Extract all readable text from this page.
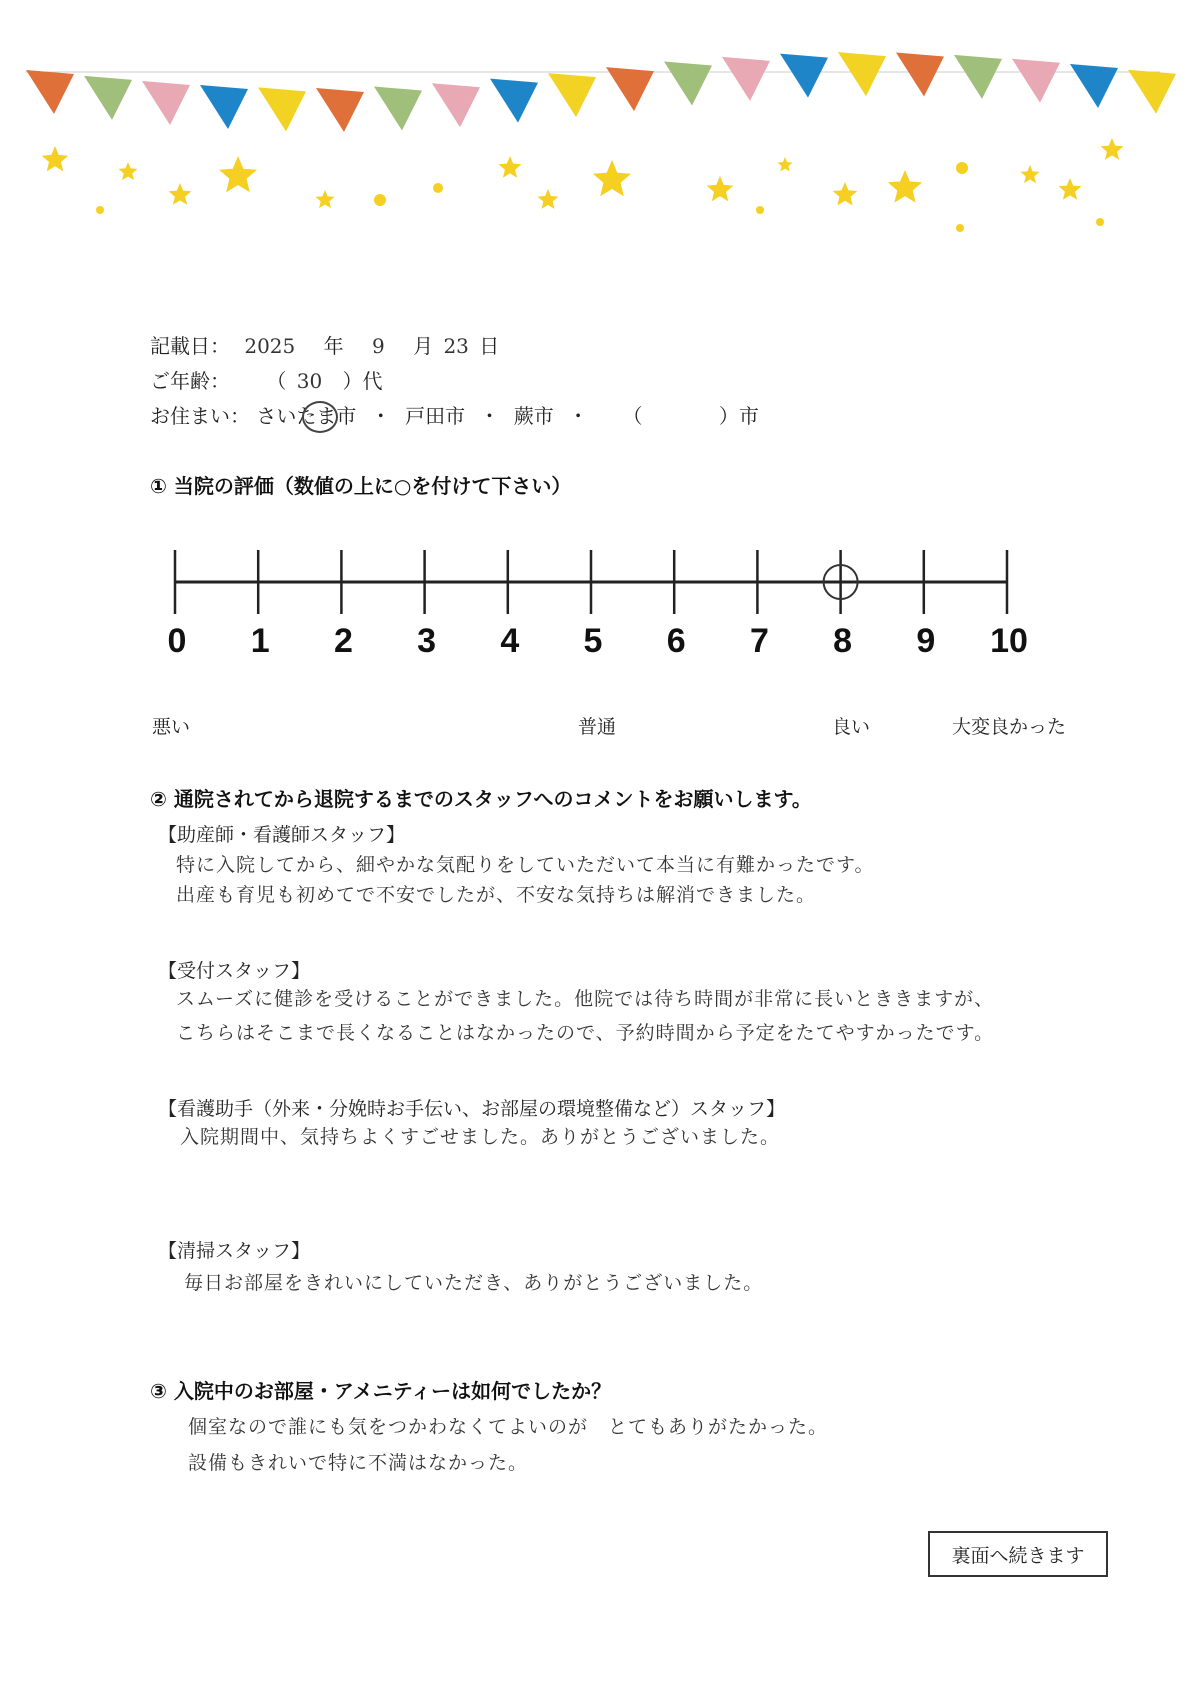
記載日： 2025 年 9 月 23 日
ご年齢： （ 30 ）代
お住まい： さいたま市 ・ 戸田市 ・ 蕨市 ・ （	）市
① 当院の評価（数値の上に○を付けて下さい）
0 1 2 3 4 5 6 7 8 9 10
悪い	普通	良い	大変良かった
② 通院されてから退院するまでのスタッフへのコメントをお願いします。
【助産師・看護師スタッフ】
特に入院してから、細やかな気配りをしていただいて本当に有難かったです。
出産も育児も初めてで不安でしたが、不安な気持ちは解消できました。
【受付スタッフ】
スムーズに健診を受けることができました。他院では待ち時間が非常に長いとききますが、
こちらはそこまで長くなることはなかったので、予約時間から予定をたてやすかったです。
【看護助手（外来・分娩時お手伝い、お部屋の環境整備など）スタッフ】
入院期間中、気持ちよくすごせました。ありがとうございました。
【清掃スタッフ】
毎日お部屋をきれいにしていただき、ありがとうございました。
③ 入院中のお部屋・アメニティーは如何でしたか？
個室なので誰にも気をつかわなくてよいのが　とてもありがたかった。
設備もきれいで特に不満はなかった。
裏面へ続きます
